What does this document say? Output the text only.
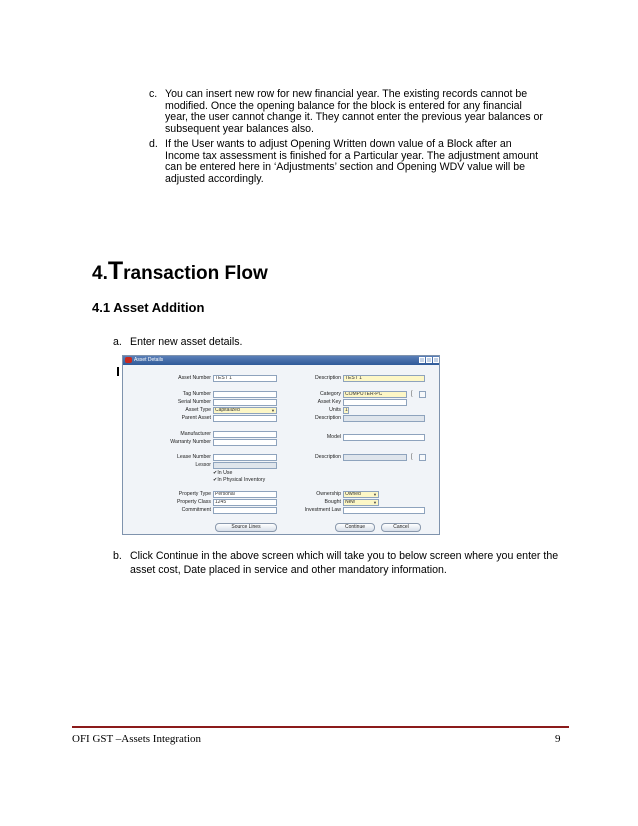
c. You can insert new row for new financial year. The existing records cannot be modified. Once the opening balance for the block is entered for any financial year, the user cannot change it. They cannot enter the previous year balances or subsequent year balances also.
d. If the User wants to adjust Opening Written down value of a Block after an Income tax assessment is finished for a Particular year. The adjustment amount can be entered here in ‘Adjustments’ section and Opening WDV value will be adjusted accordingly.
4.Transaction Flow
4.1 Asset Addition
a. Enter new asset details.
Asset Details
Asset Number TEST 1
Tag Number
Serial Number
Asset Type Capitalized	▼
Parent Asset
Manufacturer
Warranty Number
Lease Number
Lessor
✔In Use
✔In Physical Inventory
Property Type Personal
Property Class 1245
Commitment
Description TEST 1
Category COMPUTER-PC	[
Asset Key
Units 1
Description
Model
Description	[
Ownership Owned	▼
Bought New	▼
Investment Law
Source Lines	Continue	Cancel
b. Click Continue in the above screen which will take you to below screen where you enter the asset cost, Date placed in service and other mandatory information.
OFI GST –Assets Integration	9
